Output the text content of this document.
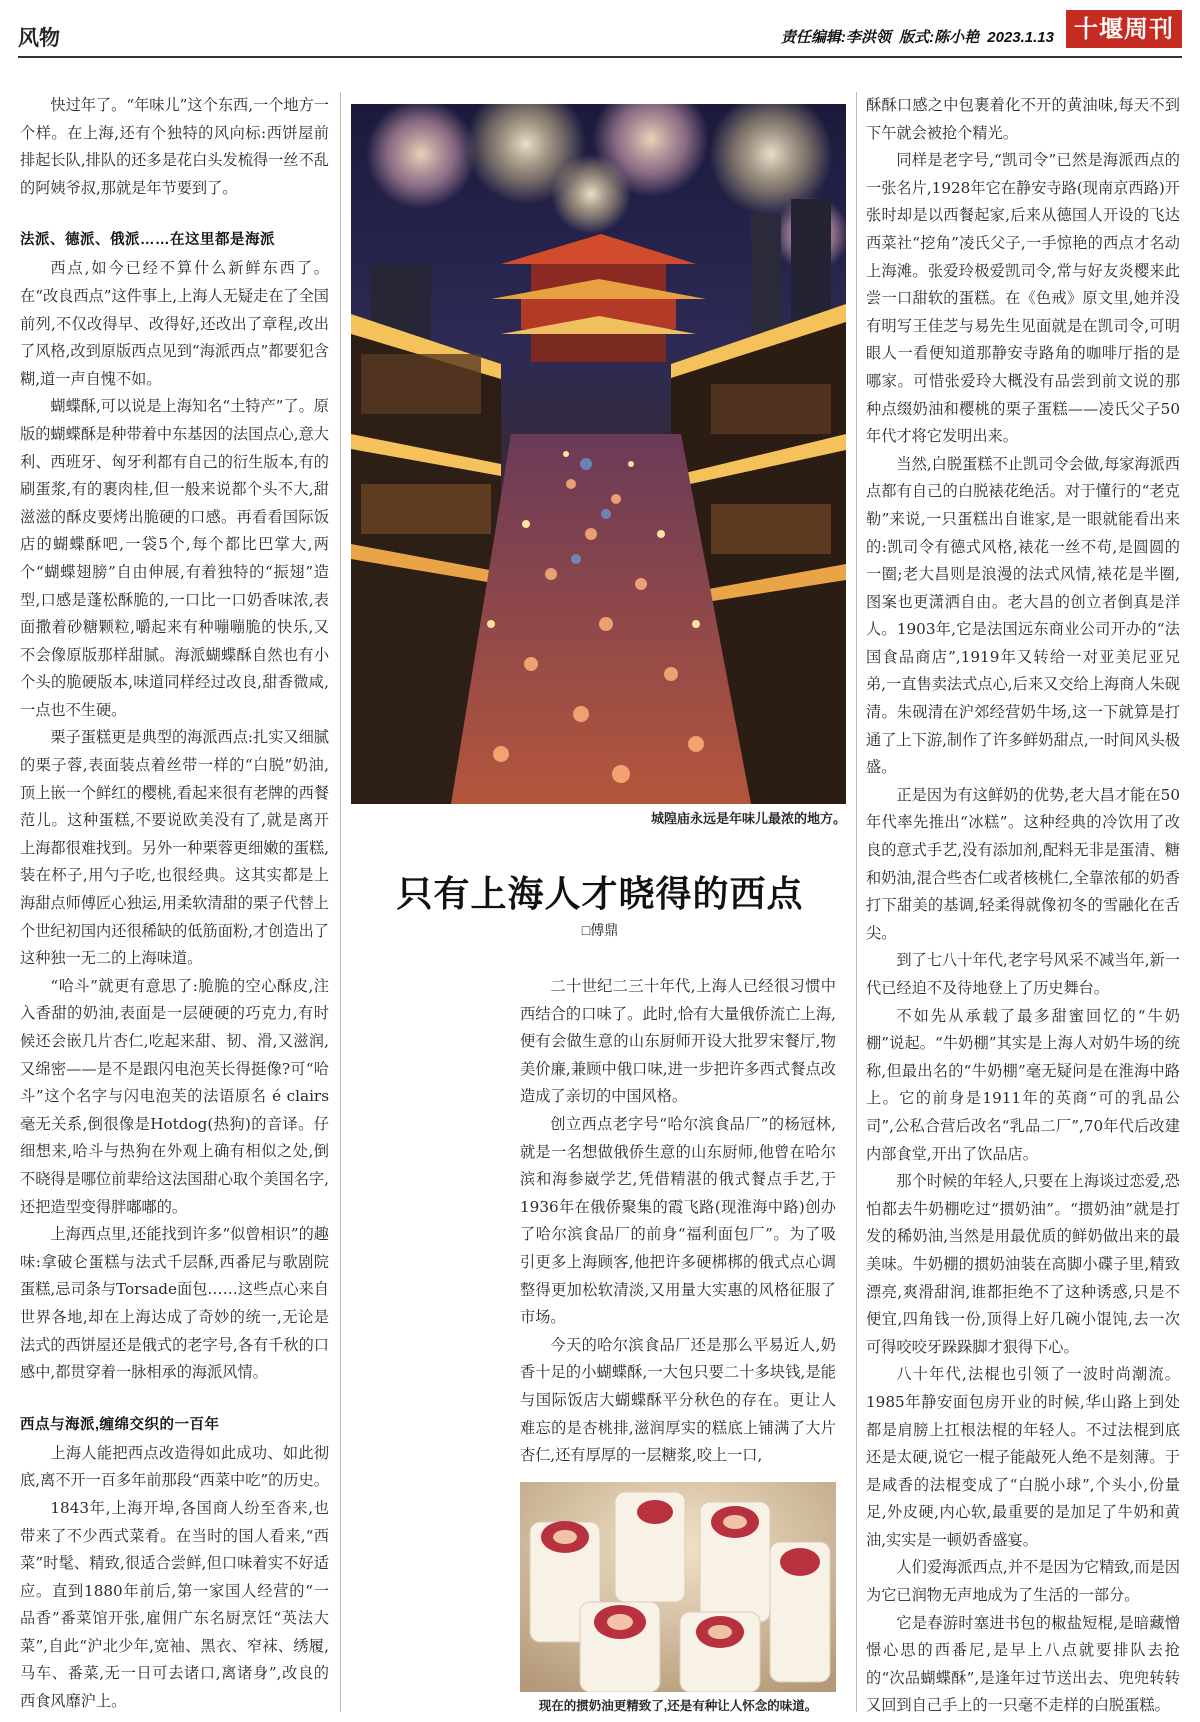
风物	责任编辑:李洪领 版式:陈小艳 2023.1.13 十堰周刊

快过年了。“年味儿”这个东西,一个地方一个样。在上海,还有个独特的风向标:西饼屋前排起长队,排队的还多是花白头发梳得一丝不乱的阿姨爷叔,那就是年节要到了。

法派、德派、俄派……在这里都是海派

西点,如今已经不算什么新鲜东西了。在“改良西点”这件事上,上海人无疑走在了全国前列,不仅改得早、改得好,还改出了章程,改出了风格,改到原版西点见到“海派西点”都要犯含糊,道一声自愧不如。

蝴蝶酥,可以说是上海知名“土特产”了。原版的蝴蝶酥是种带着中东基因的法国点心,意大利、西班牙、匈牙利都有自己的衍生版本,有的刷蛋浆,有的裹肉桂,但一般来说都个头不大,甜滋滋的酥皮要烤出脆硬的口感。再看看国际饭店的蝴蝶酥吧,一袋5个,每个都比巴掌大,两个“蝴蝶翅膀”自由伸展,有着独特的“振翅”造型,口感是蓬松酥脆的,一口比一口奶香味浓,表面撒着砂糖颗粒,嚼起来有种嘣嘣脆的快乐,又不会像原版那样甜腻。海派蝴蝶酥自然也有小个头的脆硬版本,味道同样经过改良,甜香微咸,一点也不生硬。

栗子蛋糕更是典型的海派西点:扎实又细腻的栗子蓉,表面装点着丝带一样的“白脱”奶油,顶上嵌一个鲜红的樱桃,看起来很有老牌的西餐范儿。这种蛋糕,不要说欧美没有了,就是离开上海都很难找到。另外一种栗蓉更细嫩的蛋糕,装在杯子,用勺子吃,也很经典。这其实都是上海甜点师傅匠心独运,用柔软清甜的栗子代替上个世纪初国内还很稀缺的低筋面粉,才创造出了这种独一无二的上海味道。

“哈斗”就更有意思了:脆脆的空心酥皮,注入香甜的奶油,表面是一层硬硬的巧克力,有时候还会嵌几片杏仁,吃起来甜、韧、滑,又滋润,又绵密——是不是跟闪电泡芙长得挺像?可“哈斗”这个名字与闪电泡芙的法语原名 é clairs 毫无关系,倒很像是Hotdog(热狗)的音译。仔细想来,哈斗与热狗在外观上确有相似之处,倒不晓得是哪位前辈给这法国甜心取个美国名字,还把造型变得胖嘟嘟的。

上海西点里,还能找到许多“似曾相识”的趣味:拿破仑蛋糕与法式千层酥,西番尼与歌剧院蛋糕,忌司条与Torsade面包……这些点心来自世界各地,却在上海达成了奇妙的统一,无论是法式的西饼屋还是俄式的老字号,各有千秋的口感中,都贯穿着一脉相承的海派风情。

西点与海派,缠绵交织的一百年

上海人能把西点改造得如此成功、如此彻底,离不开一百多年前那段“西菜中吃”的历史。

1843年,上海开埠,各国商人纷至沓来,也带来了不少西式菜肴。在当时的国人看来,“西菜”时髦、精致,很适合尝鲜,但口味着实不好适应。直到1880年前后,第一家国人经营的“一品香”番菜馆开张,雇佣广东名厨烹饪“英法大菜”,自此“沪北少年,宽袖、黑衣、窄袜、绣履,马车、番菜,无一日可去诸口,离诸身”,改良的西食风靡沪上。

城隍庙永远是年味儿最浓的地方。
只有上海人才晓得的西点
□傅鼎

二十世纪二三十年代,上海人已经很习惯中西结合的口味了。此时,恰有大量俄侨流亡上海,便有会做生意的山东厨师开设大批罗宋餐厅,物美价廉,兼顾中俄口味,进一步把许多西式餐点改造成了亲切的中国风格。

创立西点老字号“哈尔滨食品厂”的杨冠林,就是一名想做俄侨生意的山东厨师,他曾在哈尔滨和海参崴学艺,凭借精湛的俄式餐点手艺,于1936年在俄侨聚集的霞飞路(现淮海中路)创办了哈尔滨食品厂的前身“福利面包厂”。为了吸引更多上海顾客,他把许多硬梆梆的俄式点心调整得更加松软清淡,又用量大实惠的风格征服了市场。

今天的哈尔滨食品厂还是那么平易近人,奶香十足的小蝴蝶酥,一大包只要二十多块钱,是能与国际饭店大蝴蝶酥平分秋色的存在。更让人难忘的是杏桃排,滋润厚实的糕底上铺满了大片杏仁,还有厚厚的一层糖浆,咬上一口,

现在的掼奶油更精致了,还是有种让人怀念的味道。

酥酥口感之中包裹着化不开的黄油味,每天不到下午就会被抢个精光。

同样是老字号,“凯司令”已然是海派西点的一张名片,1928年它在静安寺路(现南京西路)开张时却是以西餐起家,后来从德国人开设的飞达西菜社“挖角”凌氏父子,一手惊艳的西点才名动上海滩。张爱玲极爱凯司令,常与好友炎樱来此尝一口甜软的蛋糕。在《色戒》原文里,她并没有明写王佳芝与易先生见面就是在凯司令,可明眼人一看便知道那静安寺路角的咖啡厅指的是哪家。可惜张爱玲大概没有品尝到前文说的那种点缀奶油和樱桃的栗子蛋糕——凌氏父子50年代才将它发明出来。

当然,白脱蛋糕不止凯司令会做,每家海派西点都有自己的白脱裱花绝活。对于懂行的“老克勒”来说,一只蛋糕出自谁家,是一眼就能看出来的:凯司令有德式风格,裱花一丝不苟,是圆圆的一圈;老大昌则是浪漫的法式风情,裱花是半圈,图案也更潇洒自由。老大昌的创立者倒真是洋人。1903年,它是法国远东商业公司开办的“法国食品商店”,1919年又转给一对亚美尼亚兄弟,一直售卖法式点心,后来又交给上海商人朱砚清。朱砚清在沪郊经营奶牛场,这一下就算是打通了上下游,制作了许多鲜奶甜点,一时间风头极盛。

正是因为有这鲜奶的优势,老大昌才能在50年代率先推出“冰糕”。这种经典的冷饮用了改良的意式手艺,没有添加剂,配料无非是蛋清、糖和奶油,混合些杏仁或者核桃仁,全靠浓郁的奶香打下甜美的基调,轻柔得就像初冬的雪融化在舌尖。

到了七八十年代,老字号风采不减当年,新一代已经迫不及待地登上了历史舞台。

不如先从承载了最多甜蜜回忆的“牛奶棚”说起。“牛奶棚”其实是上海人对奶牛场的统称,但最出名的“牛奶棚”毫无疑问是在淮海中路上。它的前身是1911年的英商“可的乳品公司”,公私合营后改名“乳品二厂”,70年代后改建内部食堂,开出了饮品店。

那个时候的年轻人,只要在上海谈过恋爱,恐怕都去牛奶棚吃过“掼奶油”。“掼奶油”就是打发的稀奶油,当然是用最优质的鲜奶做出来的最美味。牛奶棚的掼奶油装在高脚小碟子里,精致漂亮,爽滑甜润,谁都拒绝不了这种诱惑,只是不便宜,四角钱一份,顶得上好几碗小馄饨,去一次可得咬咬牙跺跺脚才狠得下心。

八十年代,法棍也引领了一波时尚潮流。1985年静安面包房开业的时候,华山路上到处都是肩膀上扛根法棍的年轻人。不过法棍到底还是太硬,说它一棍子能敲死人绝不是刻薄。于是咸香的法棍变成了“白脱小球”,个头小,份量足,外皮硬,内心软,最重要的是加足了牛奶和黄油,实实是一顿奶香盛宴。

人们爱海派西点,并不是因为它精致,而是因为它已润物无声地成为了生活的一部分。

它是春游时塞进书包的椒盐短棍,是暗藏憎憬心思的西番尼,是早上八点就要排队去抢的“次品蝴蝶酥”,是逢年过节送出去、兜兜转转又回到自己手上的一只毫不走样的白脱蛋糕。
